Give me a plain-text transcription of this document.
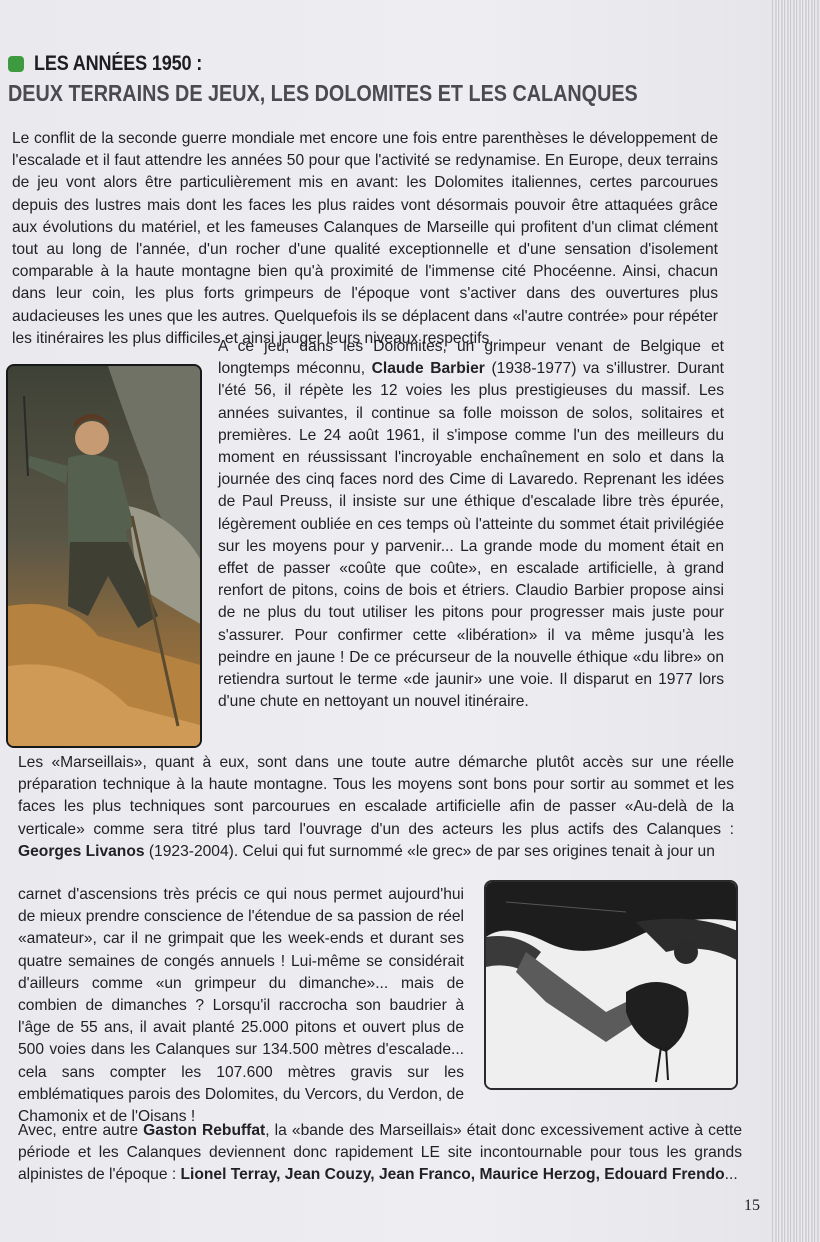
LES ANNÉES 1950 :
DEUX TERRAINS DE JEUX, LES DOLOMITES ET LES CALANQUES

Le conflit de la seconde guerre mondiale met encore une fois entre parenthèses le développement de l'escalade et il faut attendre les années 50 pour que l'activité se redynamise. En Europe, deux terrains de jeu vont alors être particulièrement mis en avant: les Dolomites italiennes, certes parcourues depuis des lustres mais dont les faces les plus raides vont désormais pouvoir être attaquées grâce aux évolutions du matériel, et les fameuses Calanques de Marseille qui profitent d'un climat clément tout au long de l'année, d'un rocher d'une qualité exceptionnelle et d'une sensation d'isolement comparable à la haute montagne bien qu'à proximité de l'immense cité Phocéenne. Ainsi, chacun dans leur coin, les plus forts grimpeurs de l'époque vont s'activer dans des ouvertures plus audacieuses les unes que les autres. Quelquefois ils se déplacent dans «l'autre contrée» pour répéter les itinéraires les plus difficiles et ainsi jauger leurs niveaux respectifs.

A ce jeu, dans les Dolomites, un grimpeur venant de Belgique et longtemps méconnu, Claude Barbier (1938-1977) va s'illustrer. Durant l'été 56, il répète les 12 voies les plus prestigieuses du massif. Les années suivantes, il continue sa folle moisson de solos, solitaires et premières. Le 24 août 1961, il s'impose comme l'un des meilleurs du moment en réussissant l'incroyable enchaînement en solo et dans la journée des cinq faces nord des Cime di Lavaredo. Reprenant les idées de Paul Preuss, il insiste sur une éthique d'escalade libre très épurée, légèrement oubliée en ces temps où l'atteinte du sommet était privilégiée sur les moyens pour y parvenir... La grande mode du moment était en effet de passer «coûte que coûte», en escalade artificielle, à grand renfort de pitons, coins de bois et étriers. Claudio Barbier propose ainsi de ne plus du tout utiliser les pitons pour progresser mais juste pour s'assurer. Pour confirmer cette «libération» il va même jusqu'à les peindre en jaune ! De ce précurseur de la nouvelle éthique «du libre» on retiendra surtout le terme «de jaunir» une voie. Il disparut en 1977 lors d'une chute en nettoyant un nouvel itinéraire.

Les «Marseillais», quant à eux, sont dans une toute autre démarche plutôt accès sur une réelle préparation technique à la haute montagne. Tous les moyens sont bons pour sortir au sommet et les faces les plus techniques sont parcourues en escalade artificielle afin de passer «Au-delà de la verticale» comme sera titré plus tard l'ouvrage d'un des acteurs les plus actifs des Calanques : Georges Livanos (1923-2004). Celui qui fut surnommé «le grec» de par ses origines tenait à jour un

carnet d'ascensions très précis ce qui nous permet aujourd'hui de mieux prendre conscience de l'étendue de sa passion de réel «amateur», car il ne grimpait que les week-ends et durant ses quatre semaines de congés annuels ! Lui-même se considérait d'ailleurs comme «un grimpeur du dimanche»... mais de combien de dimanches ? Lorsqu'il raccrocha son baudrier à l'âge de 55 ans, il avait planté 25.000 pitons et ouvert plus de 500 voies dans les Calanques sur 134.500 mètres d'escalade... cela sans compter les 107.600 mètres gravis sur les emblématiques parois des Dolomites, du Vercors, du Verdon, de Chamonix et de l'Oisans !

Avec, entre autre Gaston Rebuffat, la «bande des Marseillais» était donc excessivement active à cette période et les Calanques deviennent donc rapidement LE site incontournable pour tous les grands alpinistes de l'époque : Lionel Terray, Jean Couzy, Jean Franco, Maurice Herzog, Edouard Frendo...

15
